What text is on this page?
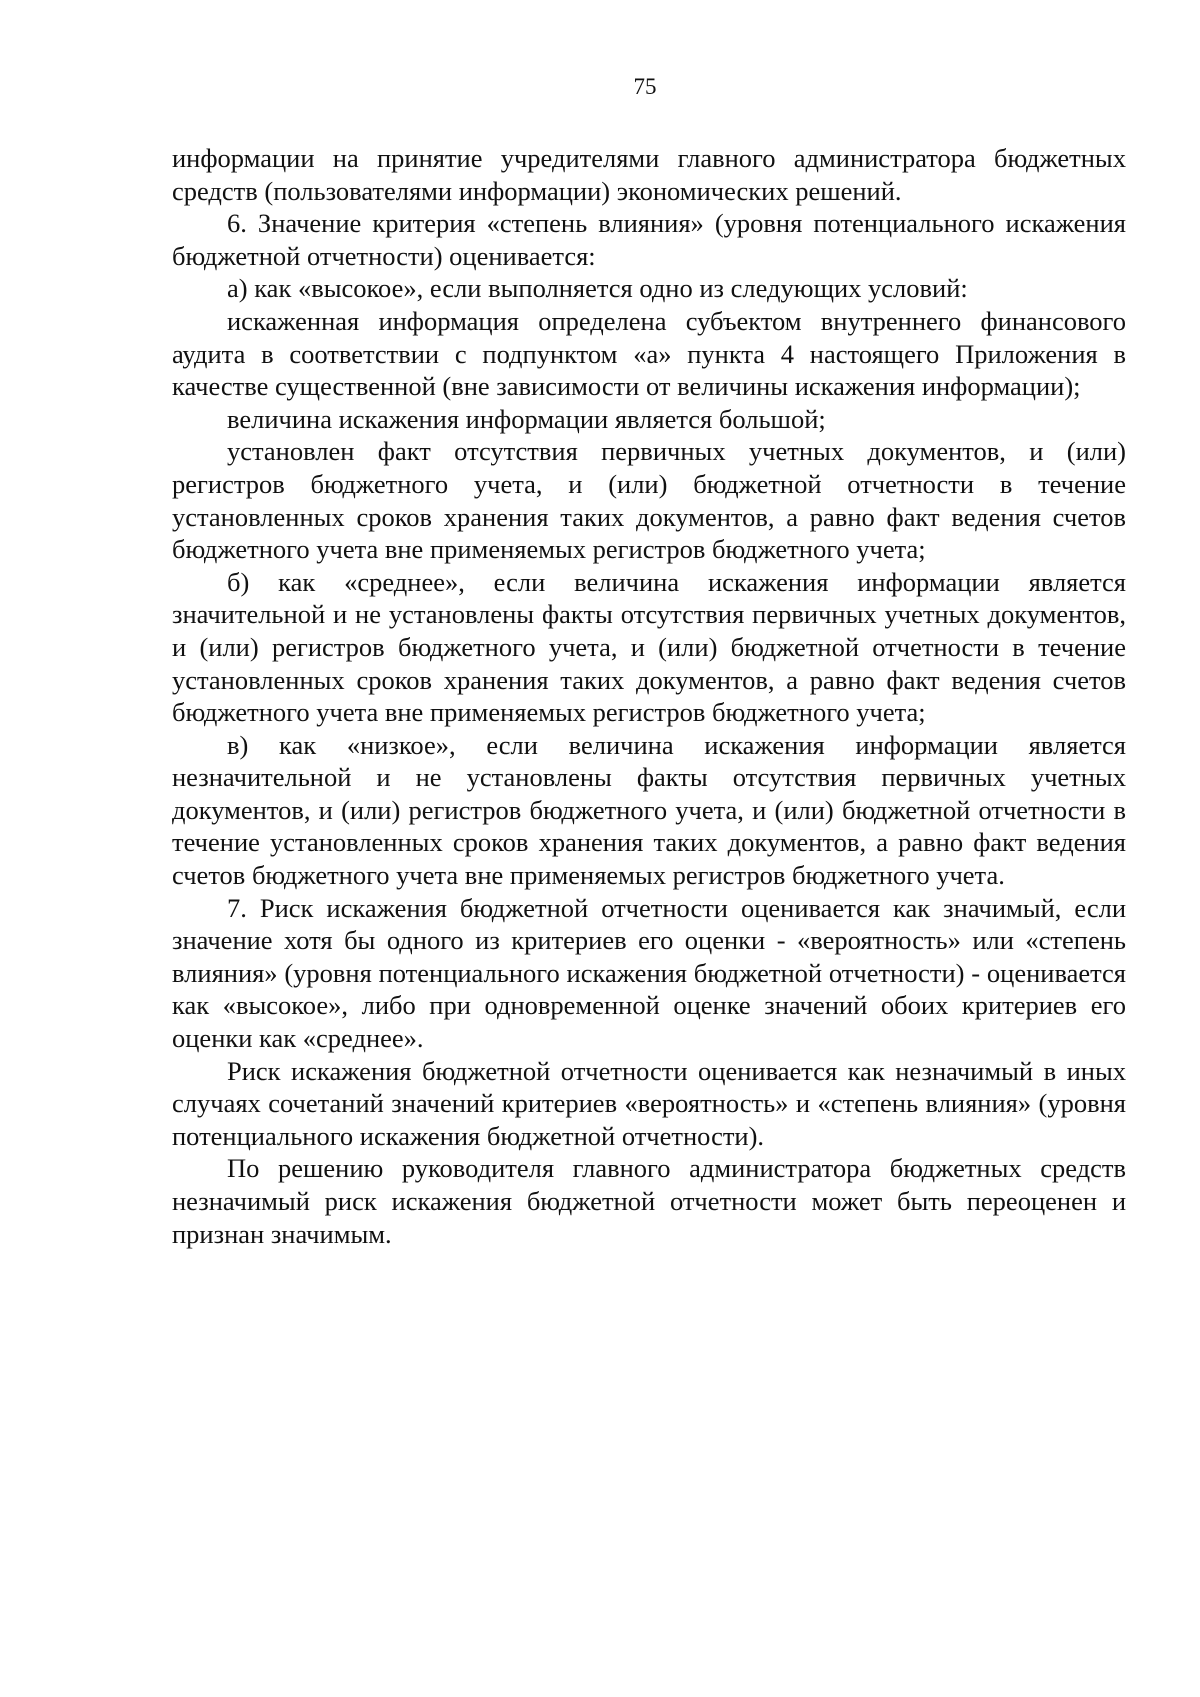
75

информации на принятие учредителями главного администратора бюджетных средств (пользователями информации) экономических решений.

6. Значение критерия «степень влияния» (уровня потенциального искажения бюджетной отчетности) оценивается:

а) как «высокое», если выполняется одно из следующих условий:

искаженная информация определена субъектом внутреннего финансового аудита в соответствии с подпунктом «а» пункта 4 настоящего Приложения в качестве существенной (вне зависимости от величины искажения информации);

величина искажения информации является большой;

установлен факт отсутствия первичных учетных документов, и (или) регистров бюджетного учета, и (или) бюджетной отчетности в течение установленных сроков хранения таких документов, а равно факт ведения счетов бюджетного учета вне применяемых регистров бюджетного учета;

б) как «среднее», если величина искажения информации является значительной и не установлены факты отсутствия первичных учетных документов, и (или) регистров бюджетного учета, и (или) бюджетной отчетности в течение установленных сроков хранения таких документов, а равно факт ведения счетов бюджетного учета вне применяемых регистров бюджетного учета;

в) как «низкое», если величина искажения информации является незначительной и не установлены факты отсутствия первичных учетных документов, и (или) регистров бюджетного учета, и (или) бюджетной отчетности в течение установленных сроков хранения таких документов, а равно факт ведения счетов бюджетного учета вне применяемых регистров бюджетного учета.

7. Риск искажения бюджетной отчетности оценивается как значимый, если значение хотя бы одного из критериев его оценки - «вероятность» или «степень влияния» (уровня потенциального искажения бюджетной отчетности) - оценивается как «высокое», либо при одновременной оценке значений обоих критериев его оценки как «среднее».

Риск искажения бюджетной отчетности оценивается как незначимый в иных случаях сочетаний значений критериев «вероятность» и «степень влияния» (уровня потенциального искажения бюджетной отчетности).

По решению руководителя главного администратора бюджетных средств незначимый риск искажения бюджетной отчетности может быть переоценен и признан значимым.
